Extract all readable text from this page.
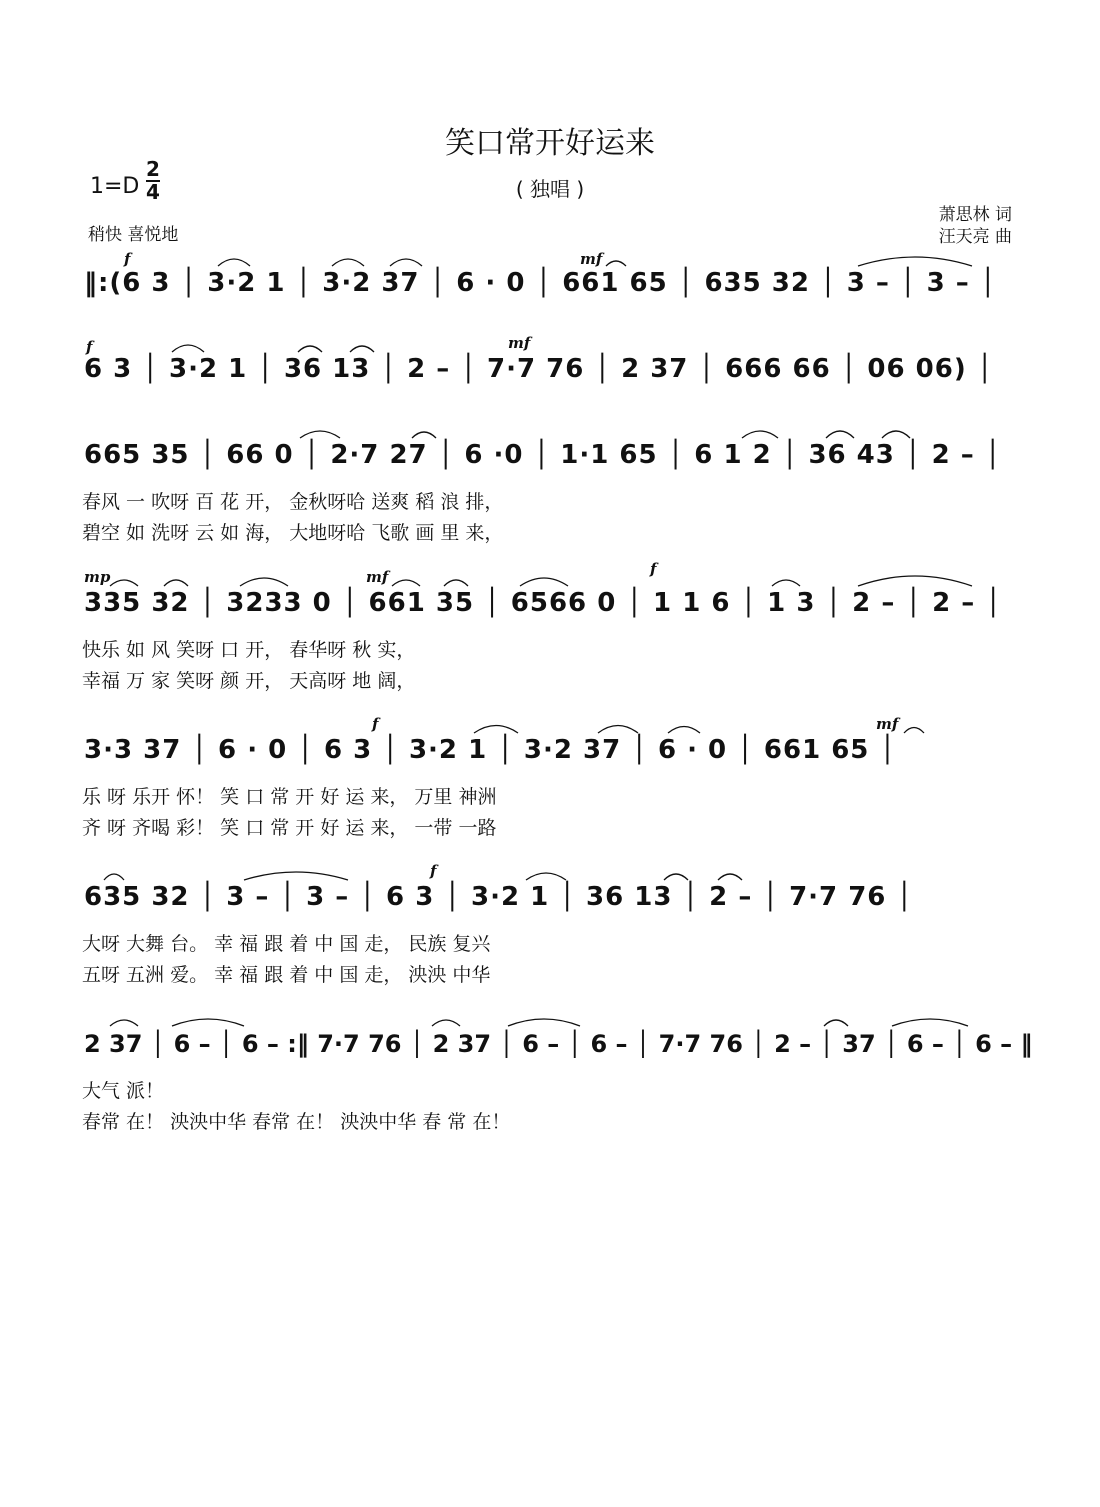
笑口常开好运来
( 独唱 )
1=D
2
4
稍快 喜悦地
萧思林 词
汪天亮 曲
f	mf
‖:(6 3 │ 3·2 1 │ 3·2 37 │ 6 · 0 │ 661 65 │ 635 32 │ 3 – │ 3 – │
f	mf
6 3 │ 3·2 1 │ 36 13 │ 2 – │ 7·7 76 │ 2 37 │ 666 66 │ 06 06) │
665 35 │ 66 0 │ 2·7 27 │ 6 ·0 │ 1·1 65 │ 6 1 2 │ 36 43 │ 2 – │
春风 一 吹呀 百 花 开， 金秋呀哈 送爽 稻 浪 排，
碧空 如 洗呀 云 如 海， 大地呀哈 飞歌 画 里 来，
mp	mf	f
335 32 │ 3233 0 │ 661 35 │ 6566 0 │ 1 1 6 │ 1 3 │ 2 – │ 2 – │
快乐 如 风 笑呀 口 开， 春华呀 秋 实，
幸福 万 家 笑呀 颜 开， 天高呀 地 阔，
f	mf
3·3 37 │ 6 · 0 │ 6 3 │ 3·2 1 │ 3·2 37 │ 6 · 0 │ 661 65 │
乐 呀 乐开 怀！ 笑 口 常 开 好 运 来， 万里 神洲
齐 呀 齐喝 彩！ 笑 口 常 开 好 运 来， 一带 一路
f
635 32 │ 3 – │ 3 – │ 6 3 │ 3·2 1 │ 36 13 │ 2 – │ 7·7 76 │
大呀 大舞 台。 幸 福 跟 着 中 国 走， 民族 复兴
五呀 五洲 爱。 幸 福 跟 着 中 国 走， 泱泱 中华
2 37 │ 6 – │ 6 – :‖ 7·7 76 │ 2 37 │ 6 – │ 6 – │ 7·7 76 │ 2 – │ 37 │ 6 – │ 6 – ‖
大气 派！
春常 在！ 泱泱中华 春常 在！ 泱泱中华 春 常 在！
